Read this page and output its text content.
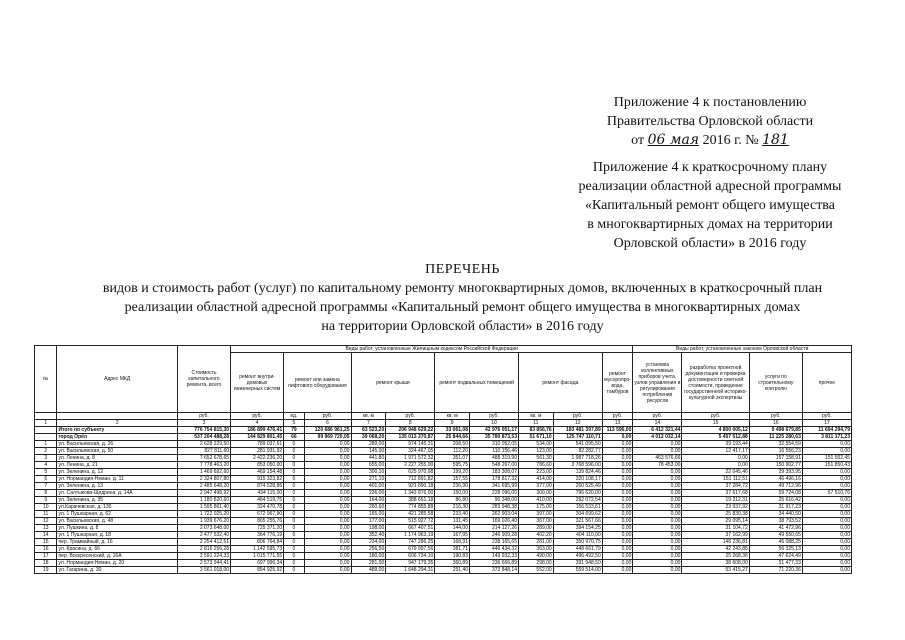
Приложение 4 к постановлению
Правительства Орловской области
от 06 мая 2016 г. № 181
Приложение 4 к краткосрочному плану
реализации областной адресной программы
«Капитальный ремонт общего имущества
в многоквартирных домах на территории
Орловской области» в 2016 году
ПЕРЕЧЕНЬ
видов и стоимость работ (услуг) по капитальному ремонту многоквартирных домов, включенных в краткосрочный план
реализации областной адресной программы «Капитальный ремонт общего имущества в многоквартирных домах
на территории Орловской области» в 2016 году
№	Адрес МКД	Стоимость капитального ремонта, всего	Виды работ, установленные Жилищным кодексом Российской Федерации										Виды работ, установленные законом Орловской области			
			ремонт внутри-домовых инженерных систем	ремонт или замена лифтового оборудования		ремонт крыши		ремонт подвальных помещений		ремонт фасада		ремонт мусоропро-вода, тамбуров	установка коллективных приборов учета, узлов управления и регулирования потребления ресурсов	разработка проектной документации и проверка достоверности сметной стоимости, проведение государственной историко-культурной экспертизы	услуги по строительному контролю	прочее
		руб.	руб.	ед.	руб.	кв. м	руб.	кв. м	руб.	кв. м	руб.	руб.	руб.	руб.	руб.	руб.
1	2	3	4	5	6	7	8	9	10	11	12	13	14	15	16	17
	Итого по субъекту	776 754 815,30	186 899 476,41	79	120 686 961,25	63 523,20	206 948 629,22	33 061,08	42 976 051,17	83 856,76	183 481 397,89	113 596,00	6 412 321,44	4 800 005,12	9 498 679,85	11 694 294,79
	город Орёл	537 204 488,28	144 829 801,45	66	99 969 720,05	39 068,20	135 013 370,87	25 844,66	35 780 873,53	51 671,10	125 747 110,71	0,00	4 012 032,14	5 457 512,88	11 225 280,63	3 811 171,23
1	ул. Васильевская, д. 26	2 628 229,50	789 037,61	0	0,00	289,00	974 145,31	208,50	310 052,05	534,00	541 095,50	0,00	0,00	39 193,44	32 554,59	0,00
2	ул. Васильевская, д. 50	827 811,60	281 931,92	0	0,00	145,00	324 467,05	112,20	110 156,46	123,00	82 282,77	0,00	0,00	12 417,17	16 556,23	0,00
3	ул. Ленина, д. 8	7 652 678,65	2 422 236,20	0	0,00	441,80	1 971 572,32	351,07	488 319,90	561,30	1 987 718,26	0,00	463 576,66	0,00	157 158,91	151 502,45
4	ул. Ленина, д. 21	7 778 463,20	853 050,00	0	0,00	655,00	2 227 255,00	595,75	548 267,00	786,60	3 768 596,00	0,00	78 453,00	0,00	150 902,77	151 850,43
5	ул. Зеленина, д. 12	1 469 692,60	469 154,48	0	0,00	300,10	625 970,98	199,20	183 308,07	223,00	139 824,46	0,00	0,00	22 045,46	29 393,95	0,00
6	ул. Нормандия-Неман, д. 11	2 324 807,80	915 323,82	0	0,00	271,10	712 891,82	157,55	178 817,32	414,00	320 108,17	0,00	0,00	151 112,51	46 496,16	0,00
7	ул. Зеленина, д. 13	2 485 648,20	874 528,86	0	0,00	401,00	921 890,18	236,90	341 695,99	377,00	260 525,49	0,00	0,00	37 284,72	49 712,96	0,00
8	ул. Салтыкова-Щедрина, д. 14А	2 947 498,92	434 115,00	0	0,00	236,00	1 343 876,00	150,00	228 096,00	309,00	796 620,00	0,00	0,00	37 617,68	59 724,08	57 510,76
9	ул. Зеленина, д. 35	1 180 820,60	464 519,75	0	0,00	164,00	388 651,18	86,80	90 348,00	410,00	292 072,54	0,00	0,00	19 212,31	25 616,42	0,00
10	ул.Карачевская, д. 130	1 595 861,40	324 470,78	0	0,00	260,60	774 855,88	216,30	283 948,38	175,00	156 533,61	0,00	0,00	23 937,92	31 917,23	0,00
11	ул. 1 Пушкарная, д. 62	1 722 025,20	672 967,90	0	0,00	165,00	421 285,58	233,40	262 903,04	397,00	304 699,62	0,00	0,00	25 830,38	34 440,50	0,00
12	ул. Васильевская, д. 48	1 939 676,20	865 255,76	0	0,00	177,00	515 927,72	131,45	169 026,40	367,00	321 567,66	0,00	0,00	29 095,14	38 793,52	0,00
13	ул. Пушкина, д. 8	2 073 648,00	725 371,20	0	0,00	198,00	667 407,51	144,00	214 127,26	289,00	394 154,25	0,00	0,00	31 104,72	41 472,96	0,00
14	ул. 1 Пушкарная, д. 18	2 477 532,40	364 776,19	0	0,00	352,40	1 174 963,19	167,95	246 909,28	402,20	404 110,00	0,00	0,00	37 162,99	49 550,65	0,00
15	пер. Трамвайный, д. 16	2 254 412,51	806 764,84	0	0,00	234,00	747 286,25	168,91	238 165,65	281,00	350 970,75	0,00	0,00	148 236,81	45 088,25	0,00
16	ул. Красина, д. 66	2 816 256,28	1 142 595,73	0	0,00	256,50	679 997,56	381,71	446 434,32	363,00	448 661,79	0,00	0,00	42 243,85	56 325,13	0,00
17	пер. Воскресенский, д. 16А	2 591 224,33	1 015 771,55	0	0,00	180,00	606 734,10	190,83	149 932,33	490,00	496 492,50	0,00	0,00	25 268,36	47 624,49	0,00
18	ул. Нормандия-Неман, д. 20	2 573 944,41	697 996,34	0	0,00	281,00	947 179,35	360,89	236 666,89	298,00	391 948,50	0,00	0,00	38 608,00	51 477,33	0,00
19	ул. Гагарина, д. 30	3 561 018,00	854 925,92	0	0,00	489,00	1 648 294,31	251,40	373 848,14	552,00	559 514,00	0,00	0,00	53 415,27	71 220,36	0,00
